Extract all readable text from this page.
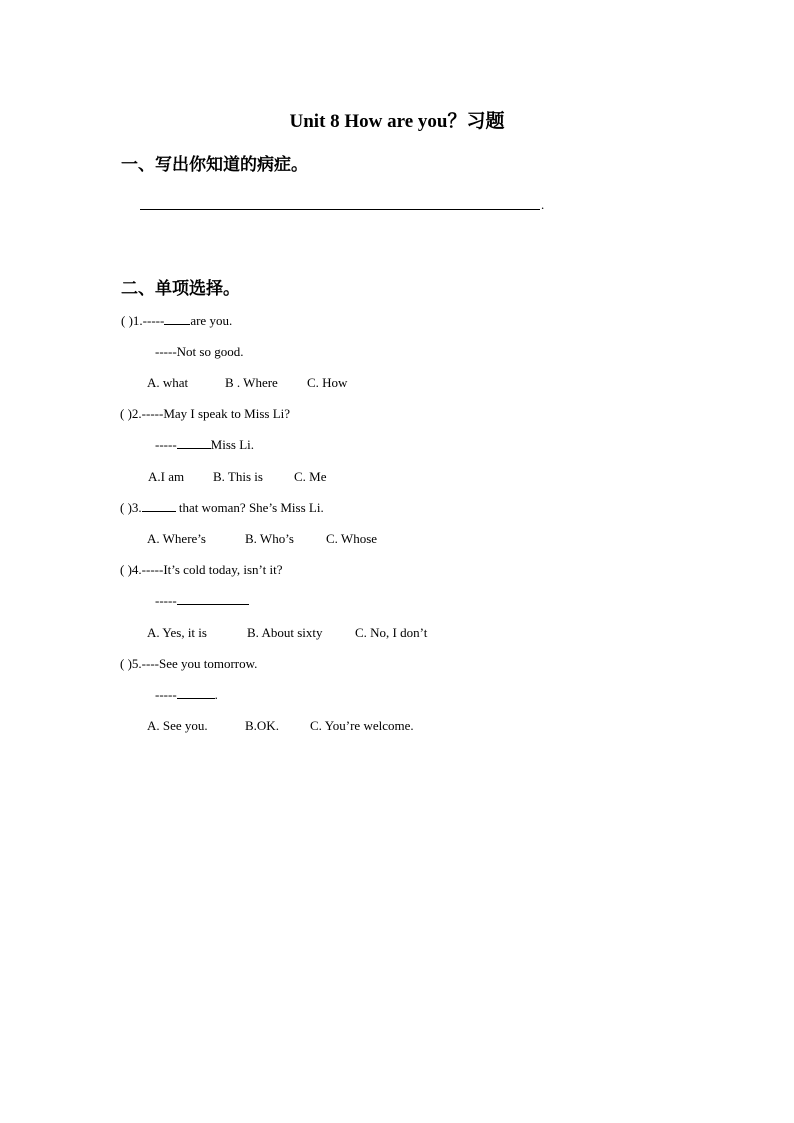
Unit 8 How are you？习题
一、写出你知道的病症。
.
二、单项选择。
( )1.----- are you.
-----Not so good.
A. what	B . Where C. How
( )2.-----May I speak to Miss Li?
-----	Miss Li.
A.I am B. This is C. Me
( )3.	that woman? She’s Miss Li.
A. Where’s	B. Who’s C. Whose
( )4.-----It’s cold today, isn’t it?
-----
A. Yes, it is	B. About sixty	C. No, I don’t
( )5.----See you tomorrow.
-----	.
A. See you.	B.OK. C. You’re welcome.
